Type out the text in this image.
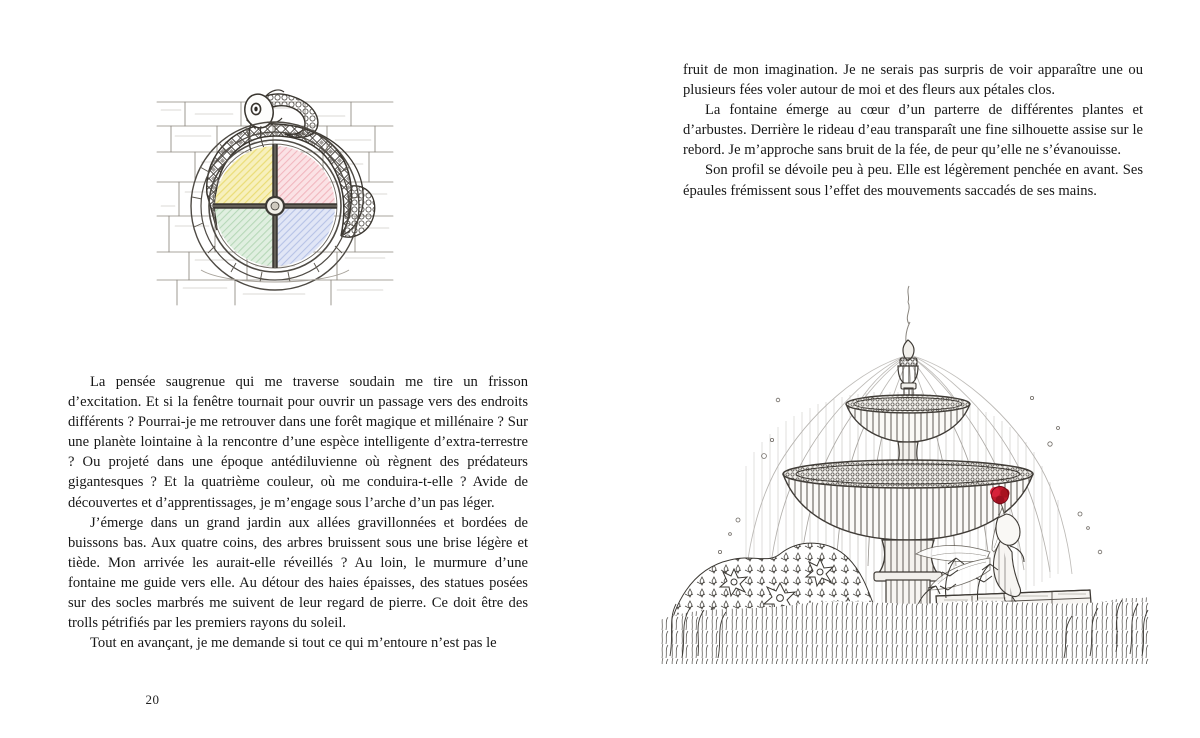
La pensée saugrenue qui me traverse soudain me tire un frisson d’excitation. Et si la fenêtre tournait pour ouvrir un passage vers des endroits différents ? Pourrai-je me retrouver dans une forêt magique et millénaire ? Sur une planète lointaine à la rencontre d’une espèce intelligente d’extra-terrestre ? Ou projeté dans une époque antédiluvienne où règnent des prédateurs gigantesques ? Et la quatrième couleur, où me conduira-t-elle ? Avide de découvertes et d’apprentissages, je m’engage sous l’arche d’un pas léger.

J’émerge dans un grand jardin aux allées gravillonnées et bordées de buissons bas. Aux quatre coins, des arbres bruissent sous une brise légère et tiède. Mon arrivée les aurait-elle réveillés ? Au loin, le murmure d’une fontaine me guide vers elle. Au détour des haies épaisses, des statues posées sur des socles marbrés me suivent de leur regard de pierre. Ce doit être des trolls pétrifiés par les premiers rayons du soleil.

Tout en avançant, je me demande si tout ce qui m’entoure n’est pas le

20

fruit de mon imagination. Je ne serais pas surpris de voir apparaître une ou plusieurs fées voler autour de moi et des fleurs aux pétales clos.

La fontaine émerge au cœur d’un parterre de différentes plantes et d’arbustes. Derrière le rideau d’eau transparaît une fine silhouette assise sur le rebord. Je m’approche sans bruit de la fée, de peur qu’elle ne s’évanouisse.

Son profil se dévoile peu à peu. Elle est légèrement penchée en avant. Ses épaules frémissent sous l’effet des mouvements saccadés de ses mains.
